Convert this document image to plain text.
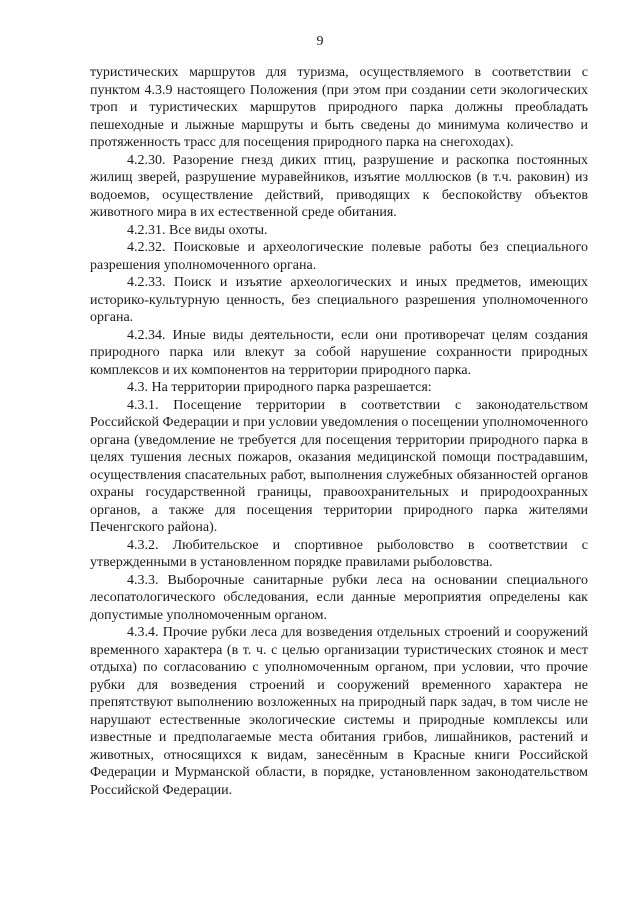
9

туристических маршрутов для туризма, осуществляемого в соответствии с пунктом 4.3.9 настоящего Положения (при этом при создании сети экологических троп и туристических маршрутов природного парка должны преобладать пешеходные и лыжные маршруты и быть сведены до минимума количество и протяженность трасс для посещения природного парка на снегоходах).

4.2.30. Разорение гнезд диких птиц, разрушение и раскопка постоянных жилищ зверей, разрушение муравейников, изъятие моллюсков (в т.ч. раковин) из водоемов, осуществление действий, приводящих к беспокойству объектов животного мира в их естественной среде обитания.

4.2.31. Все виды охоты.

4.2.32. Поисковые и археологические полевые работы без специального разрешения уполномоченного органа.

4.2.33. Поиск и изъятие археологических и иных предметов, имеющих историко-культурную ценность, без специального разрешения уполномоченного органа.

4.2.34. Иные виды деятельности, если они противоречат целям создания природного парка или влекут за собой нарушение сохранности природных комплексов и их компонентов на территории природного парка.

4.3. На территории природного парка разрешается:

4.3.1. Посещение территории в соответствии с законодательством Российской Федерации и при условии уведомления о посещении уполномоченного органа (уведомление не требуется для посещения территории природного парка в целях тушения лесных пожаров, оказания медицинской помощи пострадавшим, осуществления спасательных работ, выполнения служебных обязанностей органов охраны государственной границы, правоохранительных и природоохранных органов, а также для посещения территории природного парка жителями Печенгского района).

4.3.2. Любительское и спортивное рыболовство в соответствии с утвержденными в установленном порядке правилами рыболовства.

4.3.3. Выборочные санитарные рубки леса на основании специального лесопатологического обследования, если данные мероприятия определены как допустимые уполномоченным органом.

4.3.4. Прочие рубки леса для возведения отдельных строений и сооружений временного характера (в т. ч. с целью организации туристических стоянок и мест отдыха) по согласованию с уполномоченным органом, при условии, что прочие рубки для возведения строений и сооружений временного характера не препятствуют выполнению возложенных на природный парк задач, в том числе не нарушают естественные экологические системы и природные комплексы или известные и предполагаемые места обитания грибов, лишайников, растений и животных, относящихся к видам, занесённым в Красные книги Российской Федерации и Мурманской области, в порядке, установленном законодательством Российской Федерации.
